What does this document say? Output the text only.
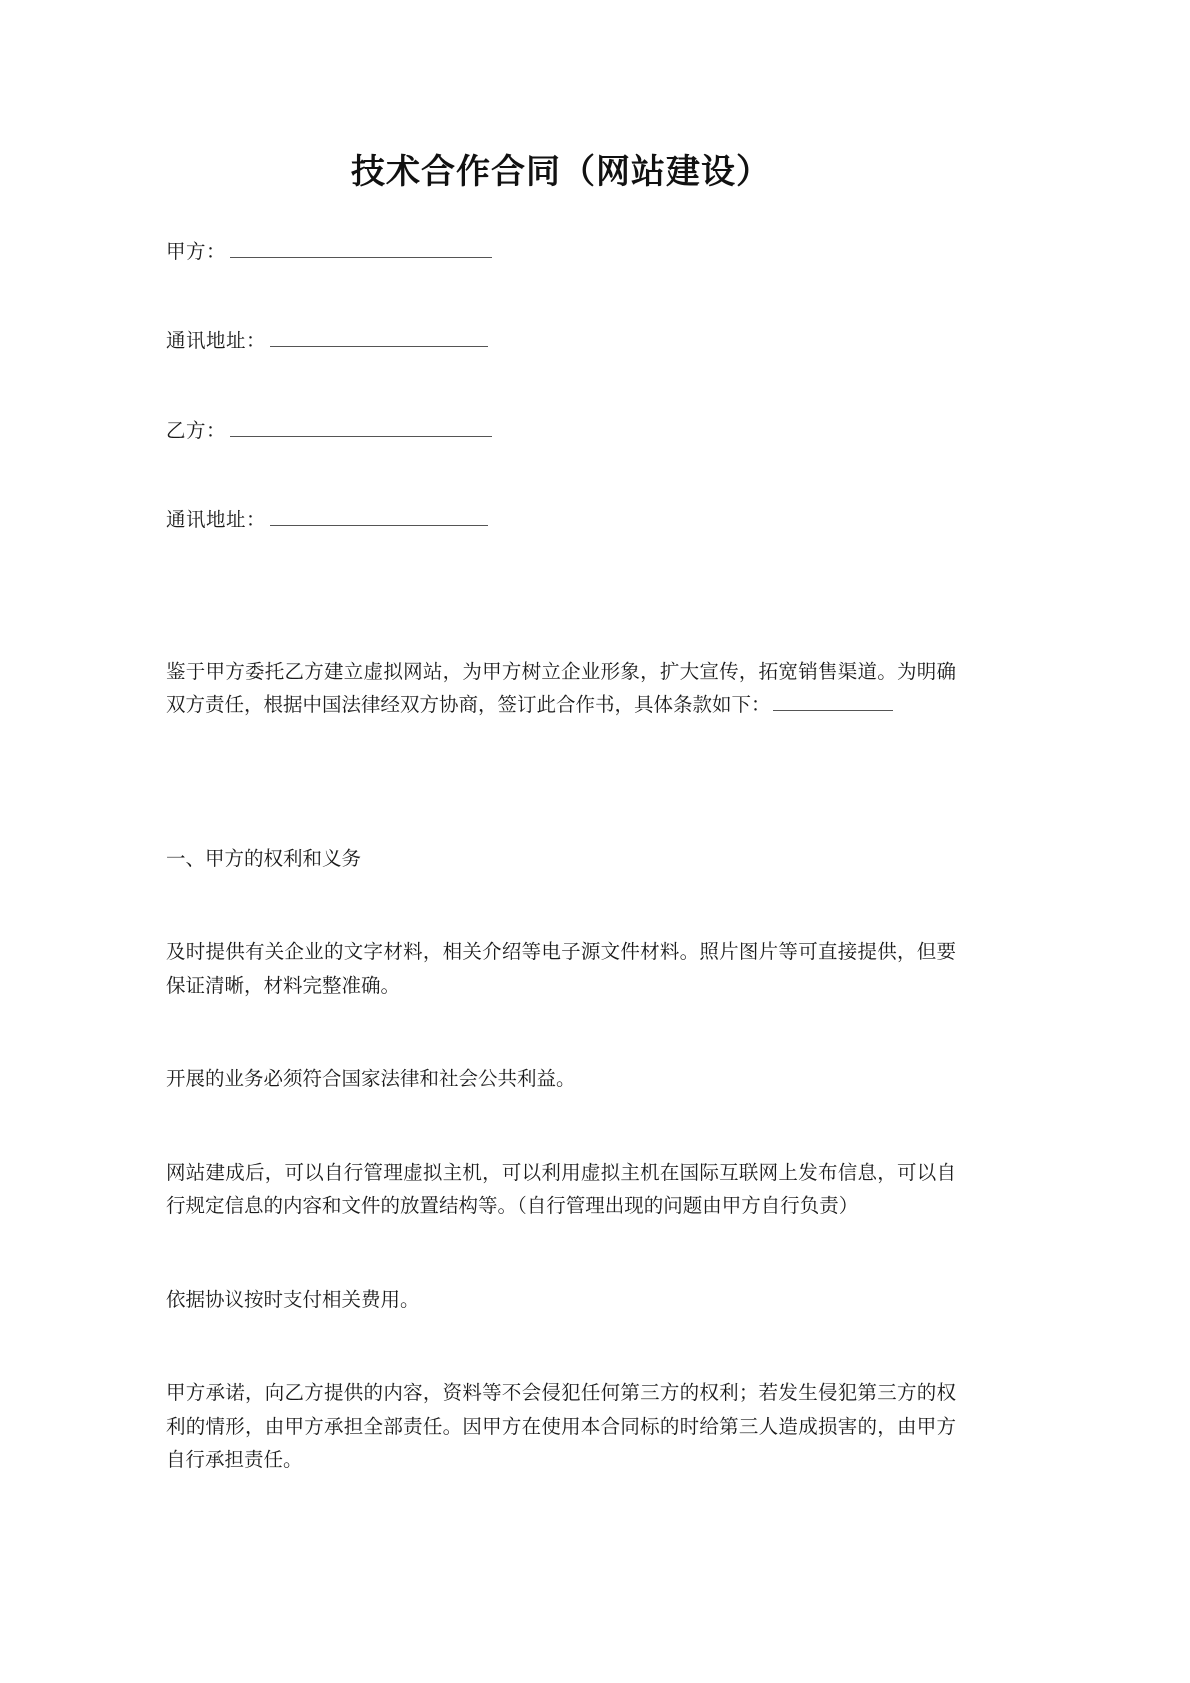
技术合作合同（网站建设）
甲方：
通讯地址：
乙方：
通讯地址：

鉴于甲方委托乙方建立虚拟网站，为甲方树立企业形象，扩大宣传，拓宽销售渠道。为明确双方责任，根据中国法律经双方协商，签订此合作书，具体条款如下：

一、甲方的权利和义务

及时提供有关企业的文字材料，相关介绍等电子源文件材料。照片图片等可直接提供，但要保证清晰，材料完整准确。

开展的业务必须符合国家法律和社会公共利益。

网站建成后，可以自行管理虚拟主机，可以利用虚拟主机在国际互联网上发布信息，可以自行规定信息的内容和文件的放置结构等。（自行管理出现的问题由甲方自行负责）

依据协议按时支付相关费用。

甲方承诺，向乙方提供的内容，资料等不会侵犯任何第三方的权利；若发生侵犯第三方的权利的情形，由甲方承担全部责任。因甲方在使用本合同标的时给第三人造成损害的，由甲方自行承担责任。
